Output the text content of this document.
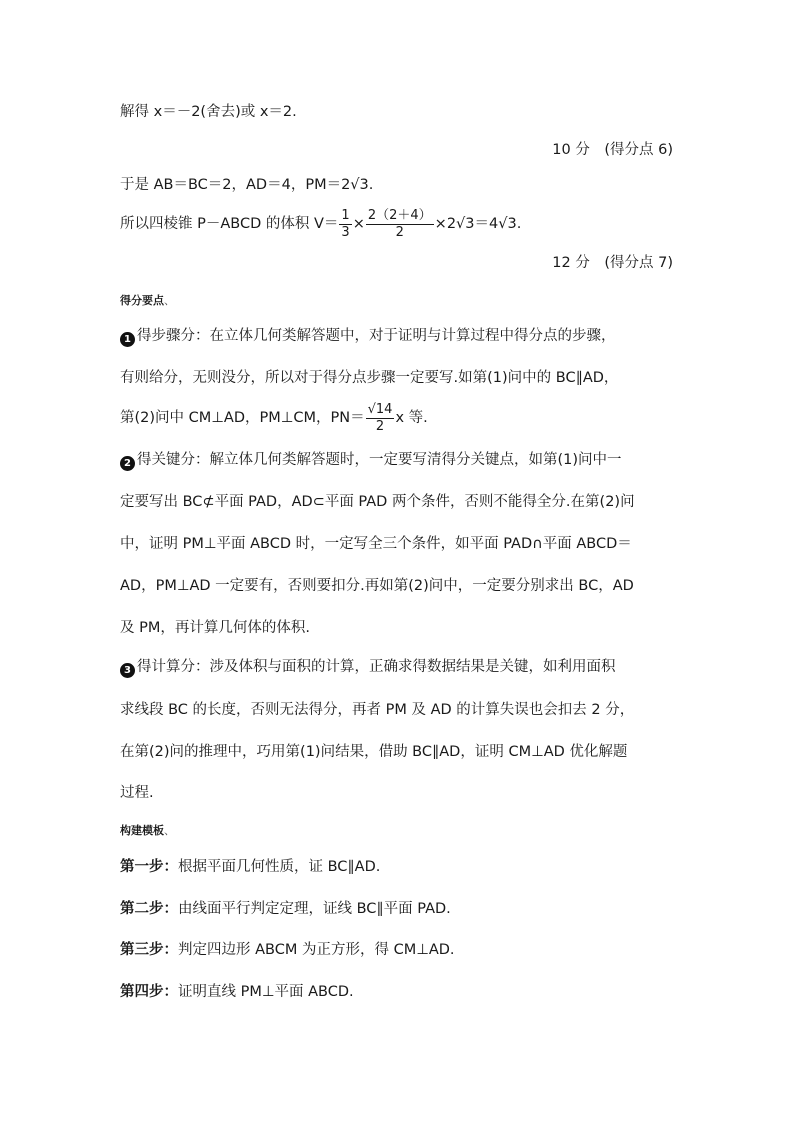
解得 x＝－2(舍去)或 x＝2.
10 分　(得分点 6)
于是 AB＝BC＝2，AD＝4，PM＝2√3.
所以四棱锥 P－ABCD 的体积 $V= \frac{1}{3} \times \frac{2(2+4)}{2} \times 2√3=4√3$.
12 分　(得分点 7)
得分要点、
1 得步骤分：在立体几何类解答题中，对于证明与计算过程中得分点的步骤，
有则给分，无则没分，所以对于得分点步骤一定要写.如第(1)问中的 BC∥AD，
第(2)问中 CM⊥AD，PM⊥CM，$PN= \frac{√14}{2}$ x 等.
2 得关键分：解立体几何类解答题时，一定要写清得分关键点，如第(1)问中一
定要写出 BC⊄平面 PAD，AD⊂平面 PAD 两个条件，否则不能得全分.在第(2)问
中，证明 PM⊥平面 ABCD 时，一定写全三个条件，如平面 PAD∩平面 ABCD＝
AD，PM⊥AD 一定要有，否则要扣分.再如第(2)问中，一定要分别求出 BC，AD
及 PM，再计算几何体的体积.
3 得计算分：涉及体积与面积的计算，正确求得数据结果是关键，如利用面积
求线段 BC 的长度，否则无法得分，再者 PM 及 AD 的计算失误也会扣去 2 分，
在第(2)问的推理中，巧用第(1)问结果，借助 BC∥AD，证明 CM⊥AD 优化解题
过程.
构建模板、
第一步：根据平面几何性质，证 BC∥AD.
第二步：由线面平行判定定理，证线 BC∥平面 PAD.
第三步：判定四边形 ABCM 为正方形，得 CM⊥AD.
第四步：证明直线 PM⊥平面 ABCD.
